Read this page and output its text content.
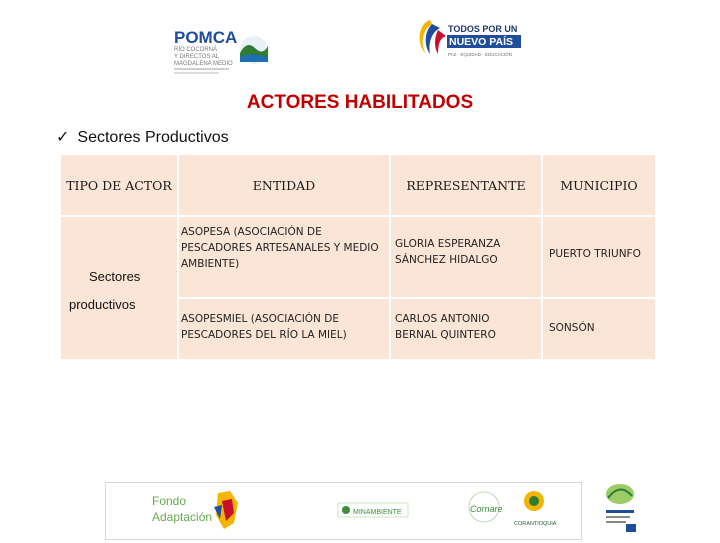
POMCA
RÍO COCORNÁ
Y DIRECTOS AL
MAGDALENA MEDIO
TODOS POR UN
NUEVO PAÍS
PAZ · EQUIDAD · EDUCACIÓN
ACTORES HABILITADOS
✓ Sectores Productivos
TIPO DE ACTOR	ENTIDAD	REPRESENTANTE	MUNICIPIO

Sectores
productivos	ASOPESA (ASOCIACIÓN DE PESCADORES ARTESANALES Y MEDIO AMBIENTE)	GLORIA ESPERANZA SÁNCHEZ HIDALGO	PUERTO TRIUNFO

	ASOPESMIEL (ASOCIACIÓN DE PESCADORES DEL RÍO LA MIEL)	CARLOS ANTONIO BERNAL QUINTERO	SONSÓN
Fondo
Adaptación	MINAMBIENTE	Cornare
CORANTIOQUIA
